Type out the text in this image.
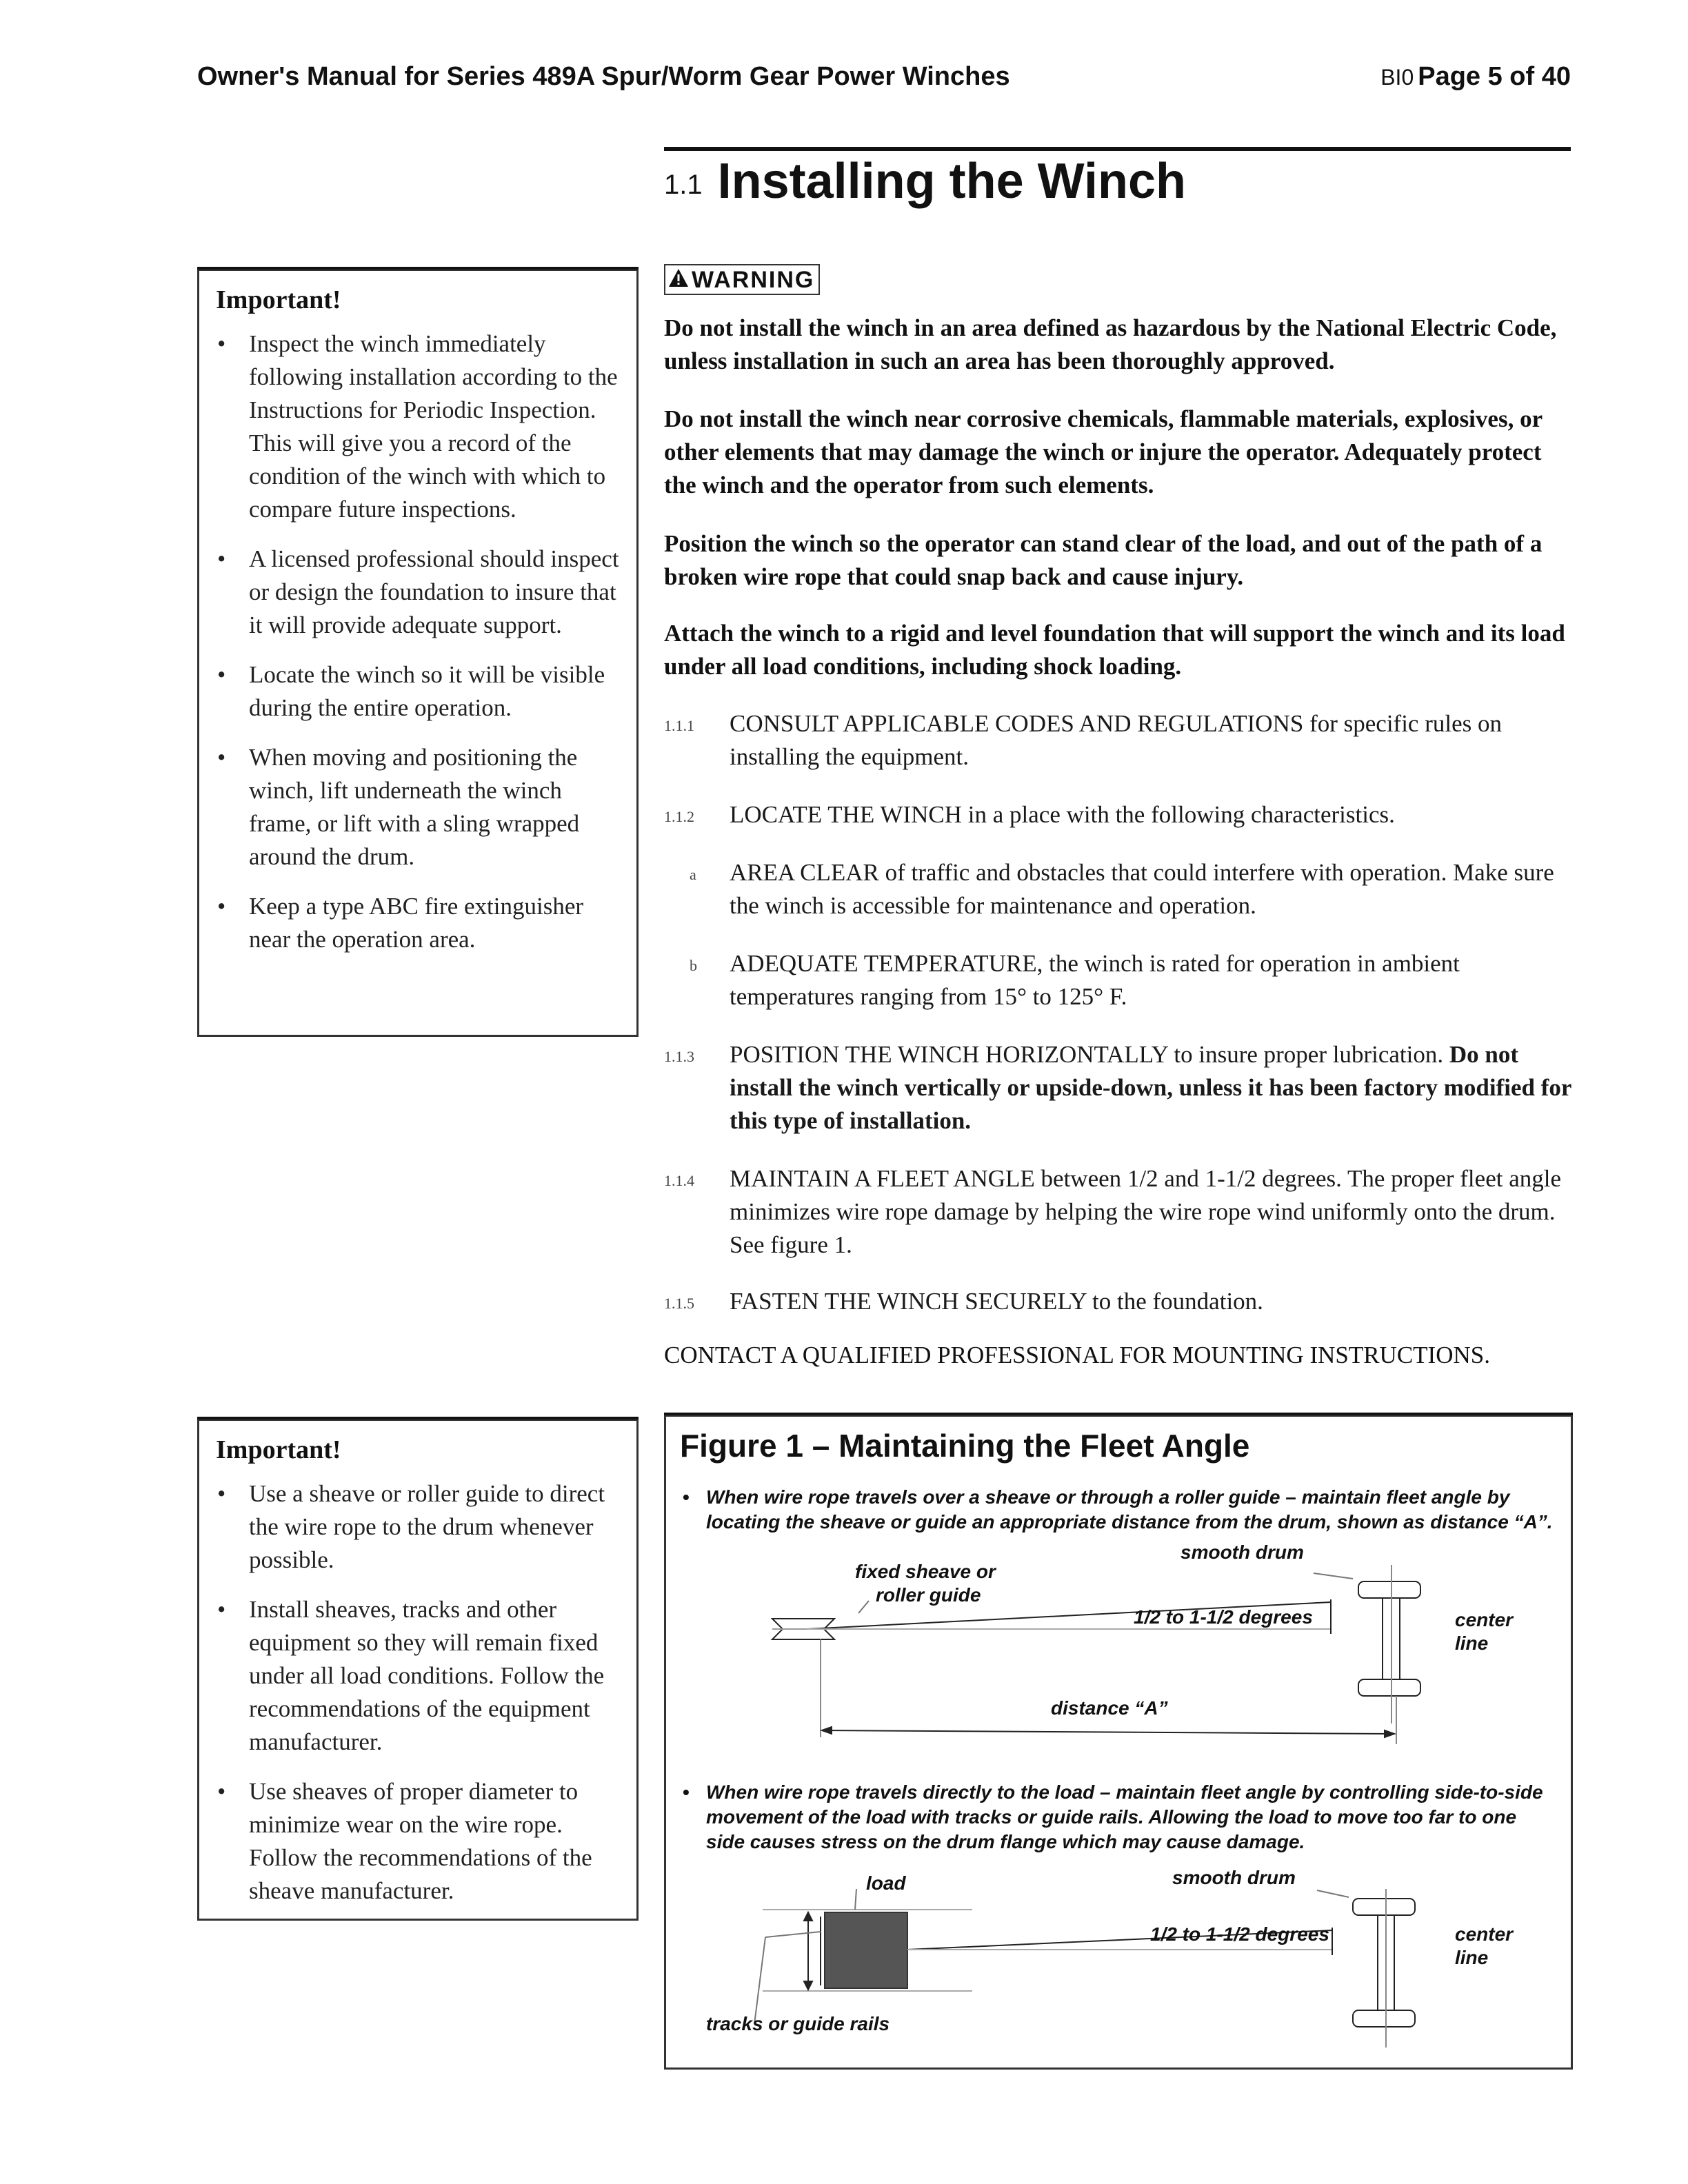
Owner's Manual for Series 489A Spur/Worm Gear Power Winches	BI0 Page 5 of 40
1.1 Installing the Winch
Important!
• Inspect the winch immediately following installation according to the Instructions for Periodic Inspection. This will give you a record of the condition of the winch with which to compare future inspections.
• A licensed professional should inspect or design the foundation to insure that it will provide adequate support.
• Locate the winch so it will be visible during the entire operation.
• When moving and positioning the winch, lift underneath the winch frame, or lift with a sling wrapped around the drum.
• Keep a type ABC fire extinguisher near the operation area.
WARNING
Do not install the winch in an area defined as hazardous by the National Electric Code, unless installation in such an area has been thoroughly approved.
Do not install the winch near corrosive chemicals, flammable materials, explosives, or other elements that may damage the winch or injure the operator. Adequately protect the winch and the operator from such elements.
Position the winch so the operator can stand clear of the load, and out of the path of a broken wire rope that could snap back and cause injury.
Attach the winch to a rigid and level foundation that will support the winch and its load under all load conditions, including shock loading.
1.1.1 CONSULT APPLICABLE CODES AND REGULATIONS for specific rules on installing the equipment.
1.1.2 LOCATE THE WINCH in a place with the following characteristics.
a AREA CLEAR of traffic and obstacles that could interfere with operation. Make sure the winch is accessible for maintenance and operation.
b ADEQUATE TEMPERATURE, the winch is rated for operation in ambient temperatures ranging from 15° to 125° F.
1.1.3 POSITION THE WINCH HORIZONTALLY to insure proper lubrication. Do not install the winch vertically or upside-down, unless it has been factory modified for this type of installation.
1.1.4 MAINTAIN A FLEET ANGLE between 1/2 and 1-1/2 degrees. The proper fleet angle minimizes wire rope damage by helping the wire rope wind uniformly onto the drum. See figure 1.
1.1.5 FASTEN THE WINCH SECURELY to the foundation.
CONTACT A QUALIFIED PROFESSIONAL FOR MOUNTING INSTRUCTIONS.
Important!
• Use a sheave or roller guide to direct the wire rope to the drum whenever possible.
• Install sheaves, tracks and other equipment so they will remain fixed under all load conditions. Follow the recommendations of the equipment manufacturer.
• Use sheaves of proper diameter to minimize wear on the wire rope. Follow the recommendations of the sheave manufacturer.
Figure 1 – Maintaining the Fleet Angle
• When wire rope travels over a sheave or through a roller guide – maintain fleet angle by locating the sheave or guide an appropriate distance from the drum, shown as distance “A”.
fixed sheave or
roller guide
smooth drum
1/2 to 1-1/2 degrees	center
line
distance “A”
• When wire rope travels directly to the load – maintain fleet angle by controlling side-to-side movement of the load with tracks or guide rails. Allowing the load to move too far to one side causes stress on the drum flange which may cause damage.
load	smooth drum
1/2 to 1-1/2 degrees	center
line
tracks or guide rails
